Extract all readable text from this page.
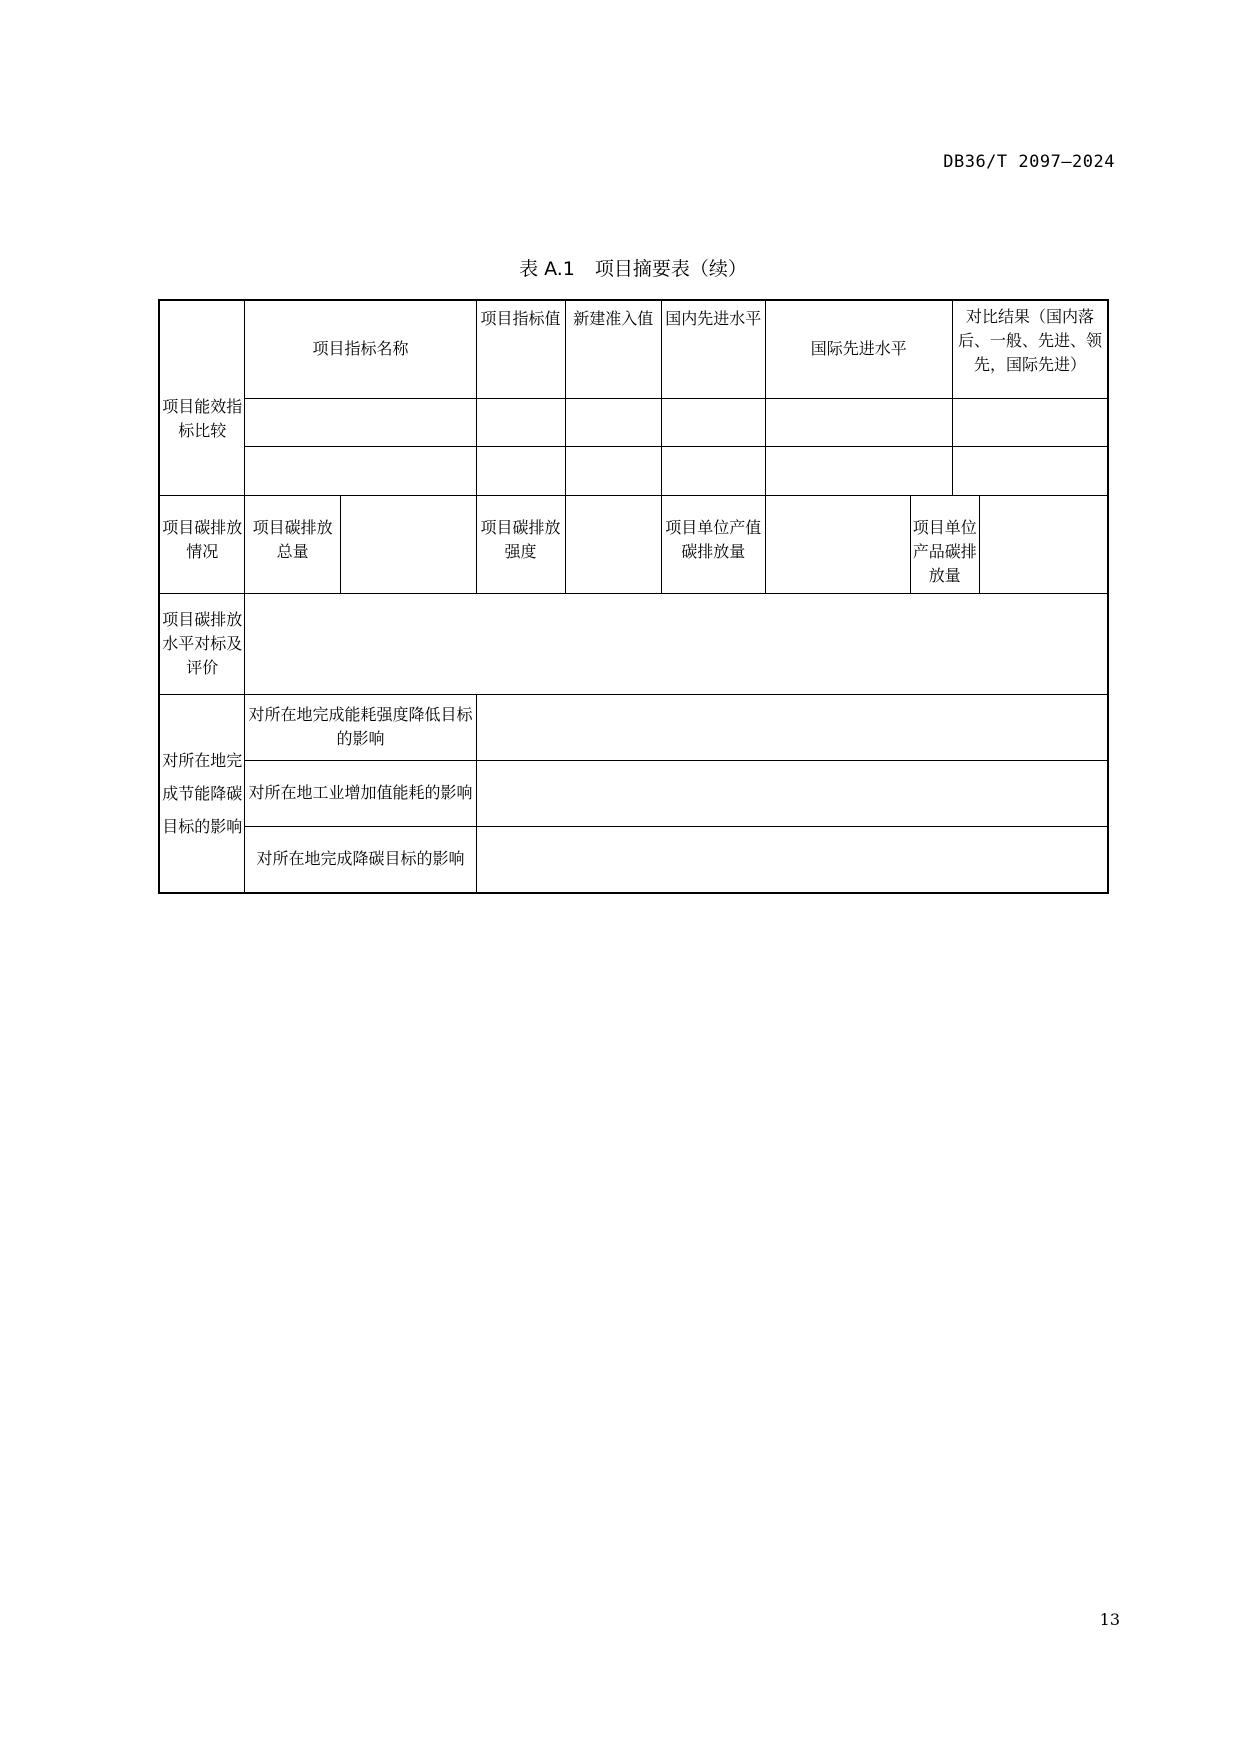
DB36/T 2097—2024
表 A.1 项目摘要表（续）
项目能效指标比较	项目指标名称		项目指标值	新建准入值	国内先进水平	国际先进水平		对比结果（国内落后、一般、先进、领先，国际先进）	

项目碳排放情况	项目碳排放总量		项目碳排放强度		项目单位产值碳排放量		项目单位产品碳排放量		
项目碳排放水平对标及评价									
对所在地完成节能降碳目标的影响	对所在地完成能耗强度降低目标的影响								
	对所在地工业增加值能耗的影响								
	对所在地完成降碳目标的影响								
13
